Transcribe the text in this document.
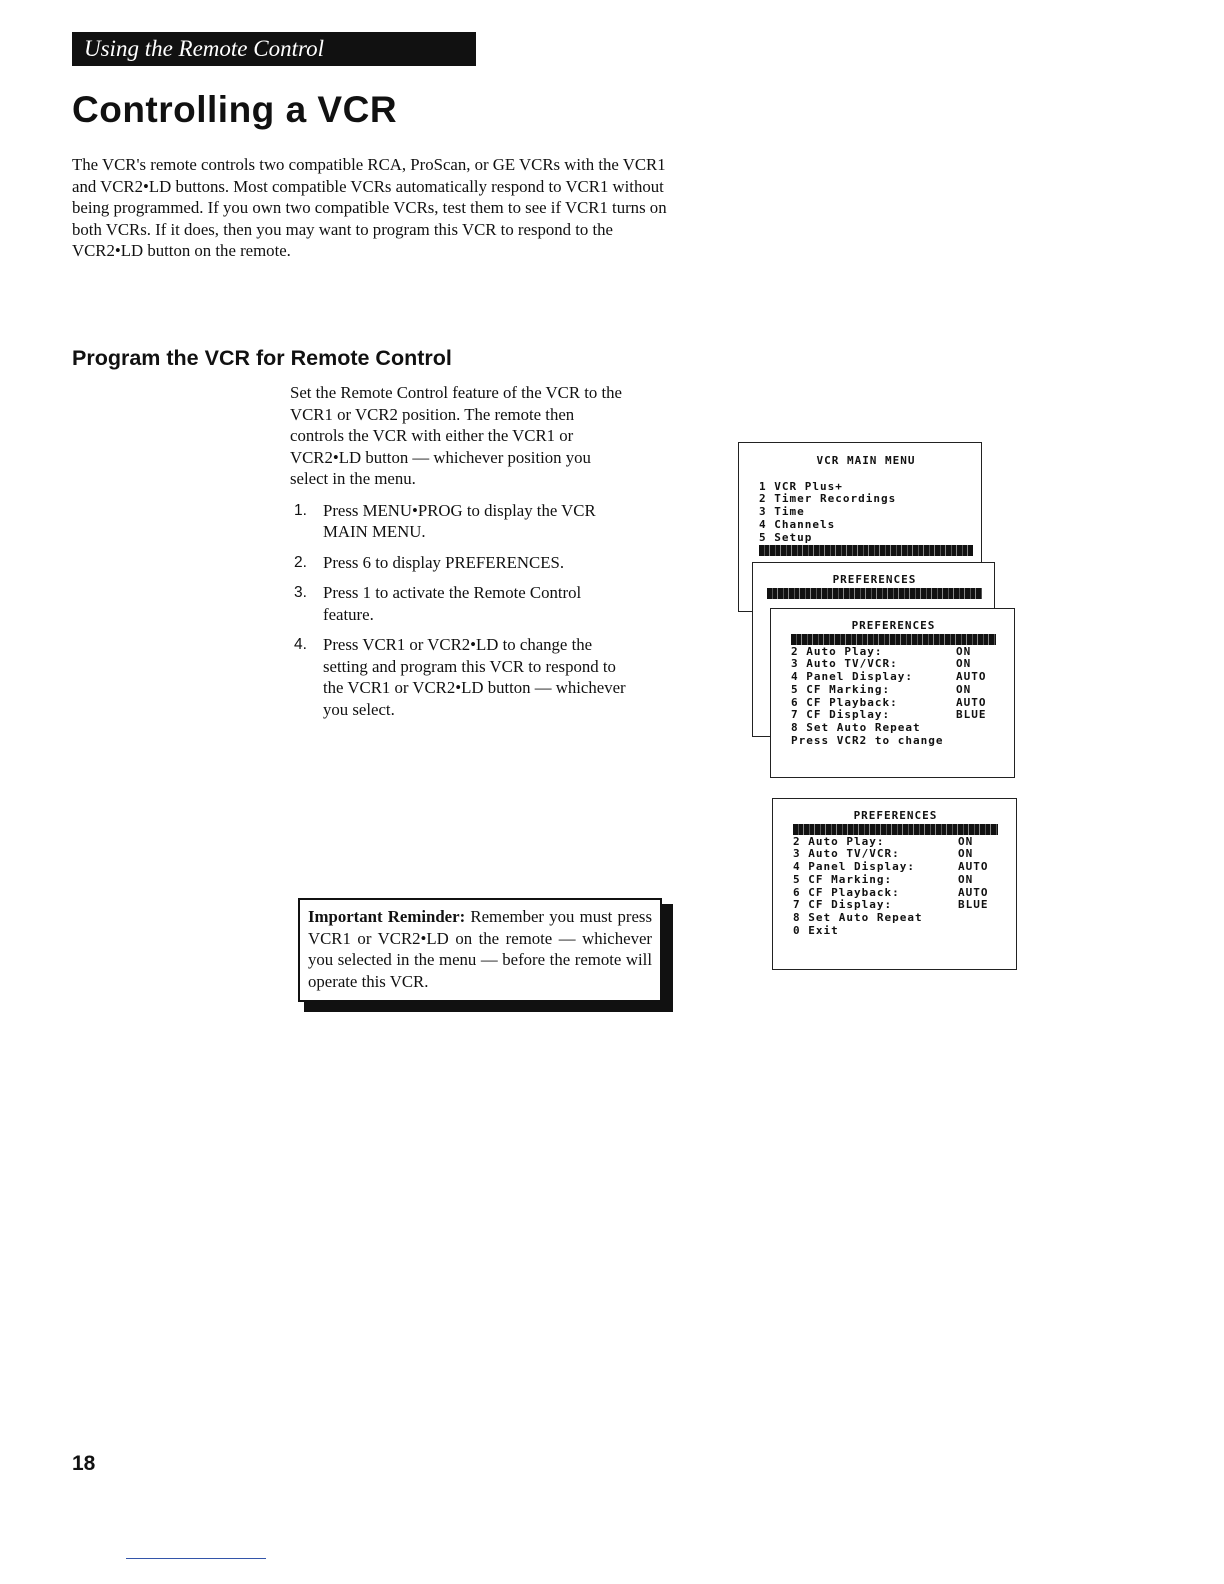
Using the Remote Control
Controlling a VCR

The VCR's remote controls two compatible RCA, ProScan, or GE VCRs with the VCR1 and VCR2•LD buttons. Most compatible VCRs automatically respond to VCR1 without being programmed. If you own two compatible VCRs, test them to see if VCR1 turns on both VCRs. If it does, then you may want to program this VCR to respond to the VCR2•LD button on the remote.

Program the VCR for Remote Control
Set the Remote Control feature of the VCR to the VCR1 or VCR2 position. The remote then controls the VCR with either the VCR1 or VCR2•LD button — whichever position you select in the menu.
1. Press MENU•PROG to display the VCR MAIN MENU.
2. Press 6 to display PREFERENCES.
3. Press 1 to activate the Remote Control feature.
4. Press VCR1 or VCR2•LD to change the setting and program this VCR to respond to the VCR1 or VCR2•LD button — whichever you select.
Important Reminder: Remember you must press VCR1 or VCR2•LD on the remote — whichever you selected in the menu — before the remote will operate this VCR.
VCR MAIN MENU
1 VCR Plus+
2 Timer Recordings
3 Time
4 Channels
5 Setup
PREFERENCES
PREFERENCES
2 Auto Play:	ON
3 Auto TV/VCR:	ON
4 Panel Display:	AUTO
5 CF Marking:	ON
6 CF Playback:	AUTO
7 CF Display:	BLUE
8 Set Auto Repeat
Press VCR2 to change
PREFERENCES
2 Auto Play:	ON
3 Auto TV/VCR:	ON
4 Panel Display:	AUTO
5 CF Marking:	ON
6 CF Playback:	AUTO
7 CF Display:	BLUE
8 Set Auto Repeat
0 Exit
18
